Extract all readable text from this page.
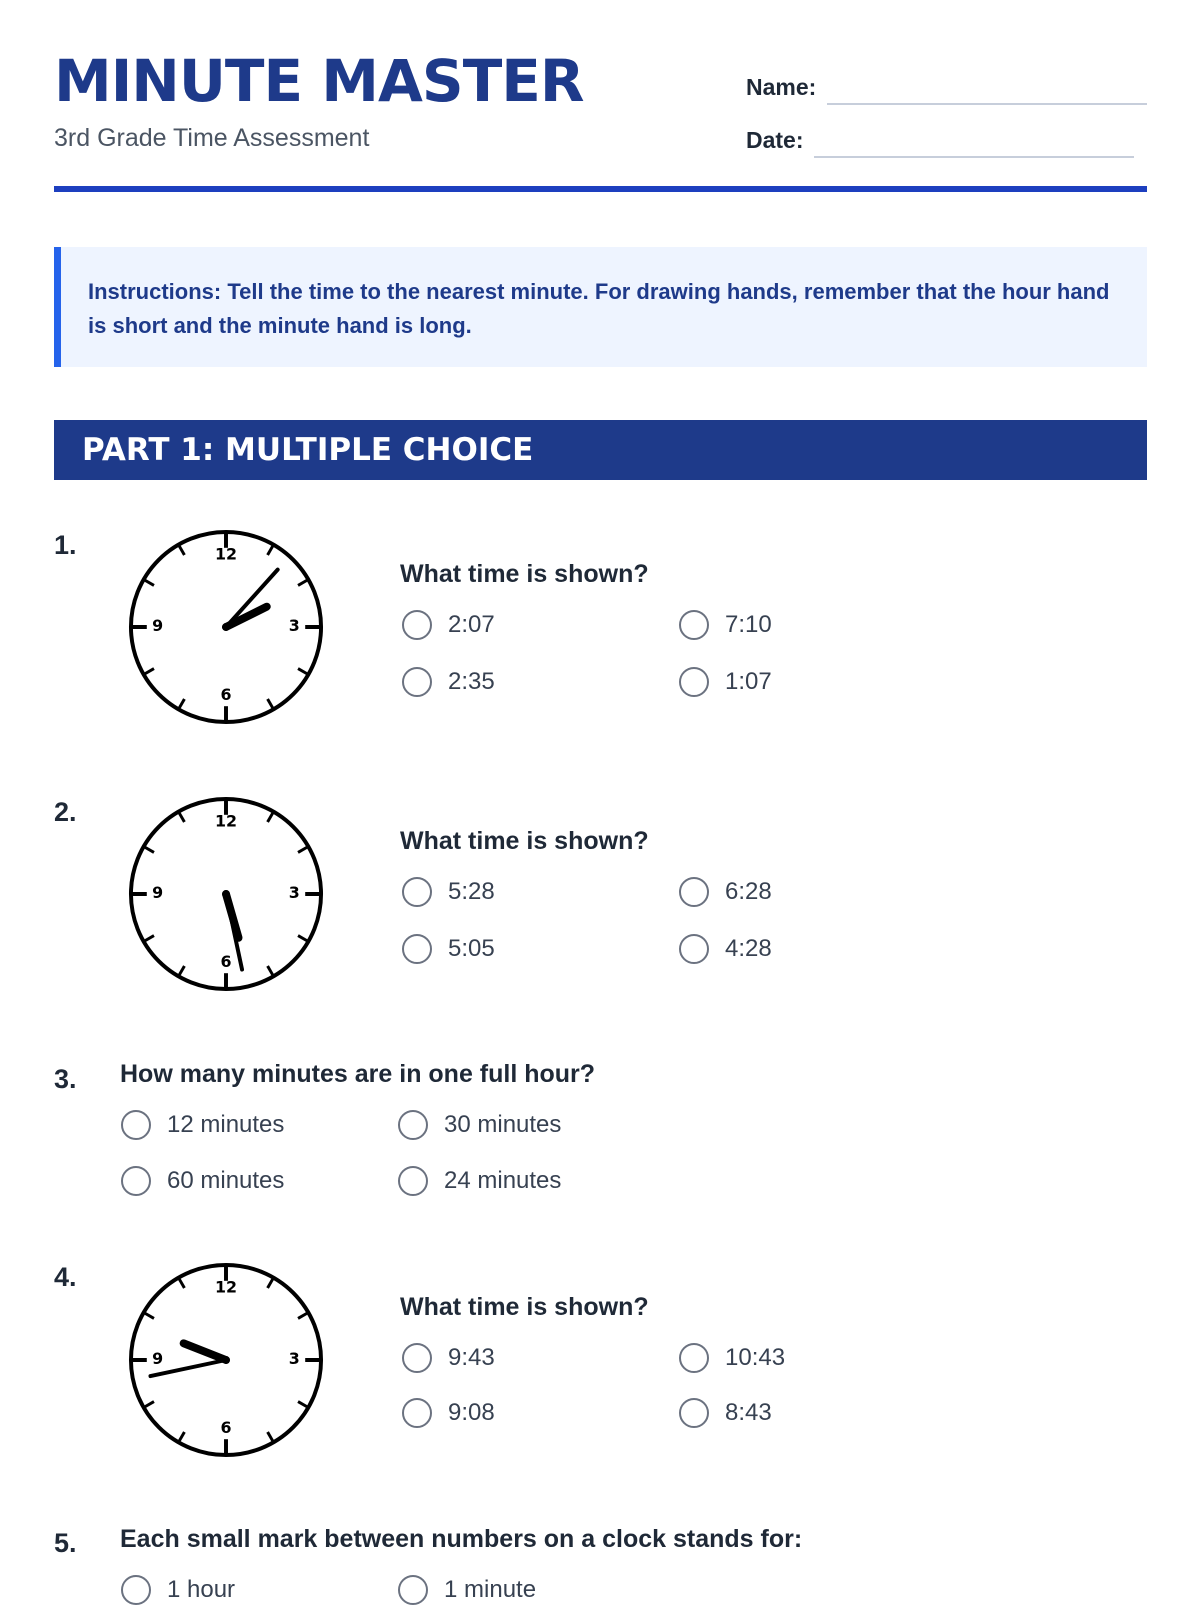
MINUTE MASTER
3rd Grade Time Assessment
Name:
Date:
Instructions: Tell the time to the nearest minute. For drawing hands, remember that the hour hand is short and the minute hand is long.
PART 1: MULTIPLE CHOICE
1.	12
3
6
9
What time is shown?
2:07	7:10
2:35	1:07
2.	12
3
6
9
What time is shown?
5:28	6:28
5:05	4:28
3. How many minutes are in one full hour?
12 minutes	30 minutes
60 minutes	24 minutes
4.	12
3
6
9
What time is shown?
9:43	10:43
9:08	8:43
5. Each small mark between numbers on a clock stands for:
1 hour	1 minute
